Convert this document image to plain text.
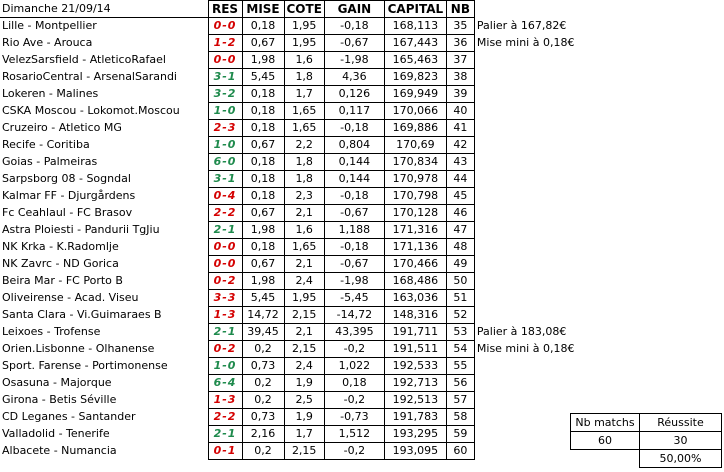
Dimanche 21/09/14	RES	MISE	COTE	GAIN	CAPITAL	NB	
Lille - Montpellier	0-0	0,18	1,95	-0,18	168,113	35	Palier à 167,82€
Rio Ave - Arouca	1-2	0,67	1,95	-0,67	167,443	36	Mise mini à 0,18€
VelezSarsfield - AtleticoRafael	0-0	1,98	1,6	-1,98	165,463	37	
RosarioCentral - ArsenalSarandi	3-1	5,45	1,8	4,36	169,823	38	
Lokeren - Malines	3-2	0,18	1,7	0,126	169,949	39	
CSKA Moscou - Lokomot.Moscou	1-0	0,18	1,65	0,117	170,066	40	
Cruzeiro - Atletico MG	2-3	0,18	1,65	-0,18	169,886	41	
Recife - Coritiba	1-0	0,67	2,2	0,804	170,69	42	
Goias - Palmeiras	6-0	0,18	1,8	0,144	170,834	43	
Sarpsborg 08 - Sogndal	3-1	0,18	1,8	0,144	170,978	44	
Kalmar FF - Djurgårdens	0-4	0,18	2,3	-0,18	170,798	45	
Fc Ceahlaul - FC Brasov	2-2	0,67	2,1	-0,67	170,128	46	
Astra Ploiesti - Pandurii TgJiu	2-1	1,98	1,6	1,188	171,316	47	
NK Krka - K.Radomlje	0-0	0,18	1,65	-0,18	171,136	48	
NK Zavrc - ND Gorica	0-0	0,67	2,1	-0,67	170,466	49	
Beira Mar - FC Porto B	0-2	1,98	2,4	-1,98	168,486	50	
Oliveirense - Acad. Viseu	3-3	5,45	1,95	-5,45	163,036	51	
Santa Clara - Vi.Guimaraes B	1-3	14,72	2,15	-14,72	148,316	52	
Leixoes - Trofense	2-1	39,45	2,1	43,395	191,711	53	Palier à 183,08€
Orien.Lisbonne - Olhanense	0-2	0,2	2,15	-0,2	191,511	54	Mise mini à 0,18€
Sport. Farense - Portimonense	1-0	0,73	2,4	1,022	192,533	55	
Osasuna - Majorque	6-4	0,2	1,9	0,18	192,713	56	
Girona - Betis Séville	1-3	0,2	2,5	-0,2	192,513	57	
CD Leganes - Santander	2-2	0,73	1,9	-0,73	191,783	58	
Valladolid - Tenerife	2-1	2,16	1,7	1,512	193,295	59	
Albacete - Numancia	0-1	0,2	2,15	-0,2	193,095	60	
Nb matchs	Réussite
60	30
	50,00%
